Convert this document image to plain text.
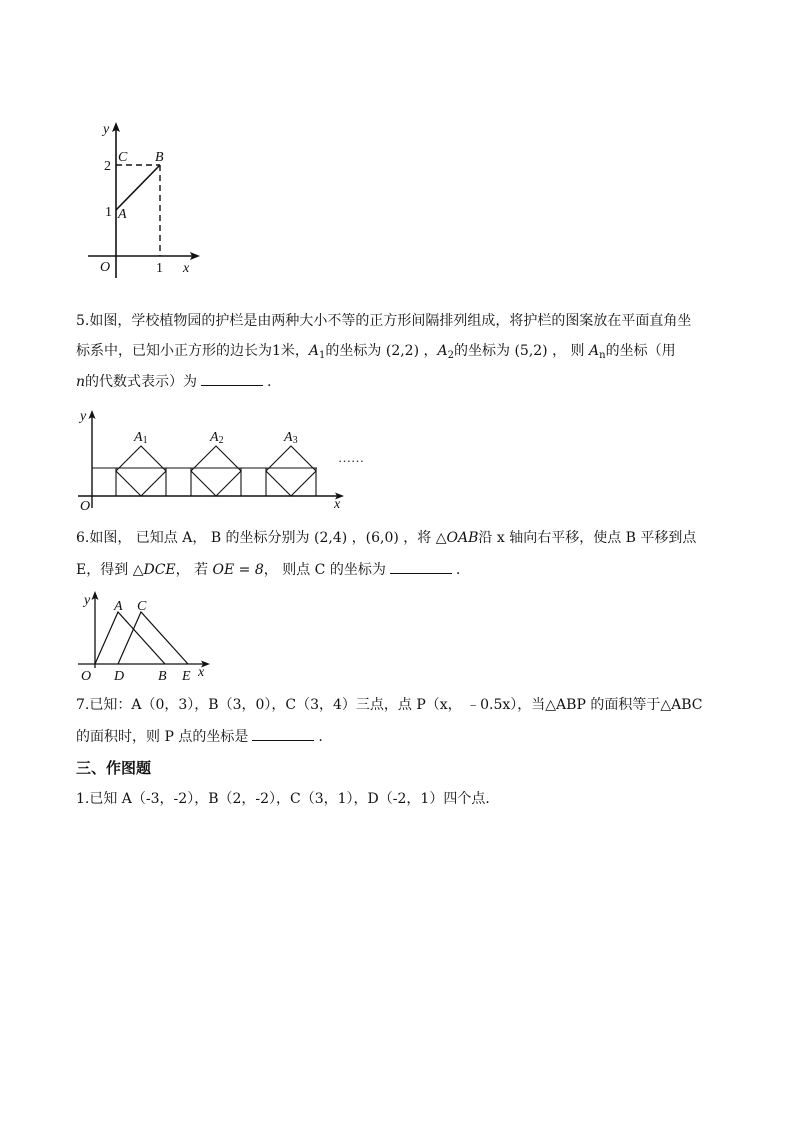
y
x
O
2
1
1
C B
A
5.如图，学校植物园的护栏是由两种大小不等的正方形间隔排列组成，将护栏的图案放在平面直角坐
标系中，已知小正方形的边长为1米，$A_1$的坐标为 (2,2) ，$A_2$的坐标为 (5,2) ， 则 $A_n$的坐标（用
n的代数式表示）为	.
O
y
x
A1	A2	A3
……
6.如图， 已知点 A， B 的坐标分别为 (2,4) ，(6,0) ，将 △OAB沿 x 轴向右平移，使点 B 平移到点
E，得到 △DCE， 若 OE = 8， 则点 C 的坐标为	.
y
x
O
A C
D B E
7.已知：A（0，3），B（3，0），C（3，4）三点，点 P（x， ﹣0.5x），当△ABP 的面积等于△ABC
的面积时，则 P 点的坐标是	.
三、作图题
1.已知 A（-3，-2），B（2，-2），C（3，1），D（-2，1）四个点．
